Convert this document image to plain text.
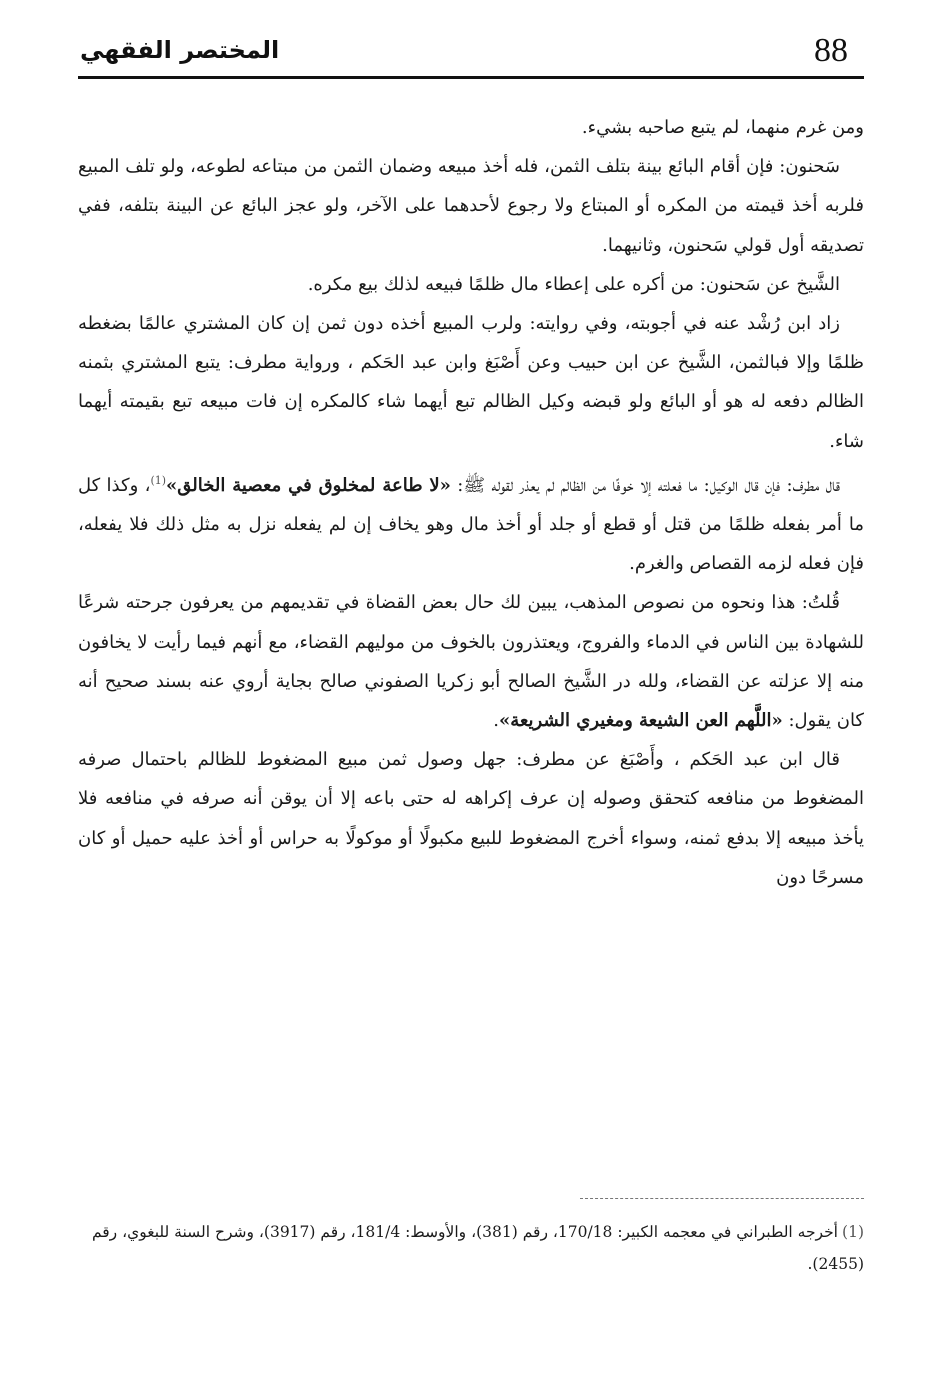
88
المختصر الفقهي

ومن غرم منهما، لم يتبع صاحبه بشيء.

سَحنون: فإن أقام البائع بينة بتلف الثمن، فله أخذ مبيعه وضمان الثمن من مبتاعه لطوعه، ولو تلف المبيع فلربه أخذ قيمته من المكره أو المبتاع ولا رجوع لأحدهما على الآخر، ولو عجز البائع عن البينة بتلفه، ففي تصديقه أول قولي سَحنون، وثانيهما.

الشَّيخ عن سَحنون: من أكره على إعطاء مال ظلمًا فبيعه لذلك بيع مكره.

زاد ابن رُشْد عنه في أجوبته، وفي روايته: ولرب المبيع أخذه دون ثمن إن كان المشتري عالمًا بضغطه ظلمًا وإلا فبالثمن، الشَّيخ عن ابن حبيب وعن أَصْبَغ وابن عبد الحَكم ، ورواية مطرف: يتبع المشتري بثمنه الظالم دفعه له هو أو البائع ولو قبضه وكيل الظالم تبع أيهما شاء كالمكره إن فات مبيعه تبع بقيمته أيهما شاء.

قال مطرف: فإن قال الوكيل: ما فعلته إلا خوفًا من الظالم لم يعذر لقوله ﷺ: «لا طاعة لمخلوق في معصية الخالق»$^{(1)}$، وكذا كل ما أمر بفعله ظلمًا من قتل أو قطع أو جلد أو أخذ مال وهو يخاف إن لم يفعله نزل به مثل ذلك فلا يفعله، فإن فعله لزمه القصاص والغرم.

قُلتُ: هذا ونحوه من نصوص المذهب، يبين لك حال بعض القضاة في تقديمهم من يعرفون جرحته شرعًا للشهادة بين الناس في الدماء والفروج، ويعتذرون بالخوف من موليهم القضاء، مع أنهم فيما رأيت لا يخافون منه إلا عزلته عن القضاء، ولله در الشَّيخ الصالح أبو زكريا الصفوني صالح بجاية أروي عنه بسند صحيح أنه كان يقول: «اللَّهم العن الشيعة ومغيري الشريعة».

قال ابن عبد الحَكم ، وأَصْبَغ عن مطرف: جهل وصول ثمن مبيع المضغوط للظالم باحتمال صرفه المضغوط من منافعه كتحقق وصوله إن عرف إكراهه له حتى باعه إلا أن يوقن أنه صرفه في منافعه فلا يأخذ مبيعه إلا بدفع ثمنه، وسواء أخرج المضغوط للبيع مكبولًا أو موكولًا به حراس أو أخذ عليه حميل أو كان مسرحًا دون

(1)أخرجه الطبراني في معجمه الكبير: 170/18، رقم (381)، والأوسط: 181/4، رقم (3917)، وشرح السنة للبغوي، رقم (2455).
